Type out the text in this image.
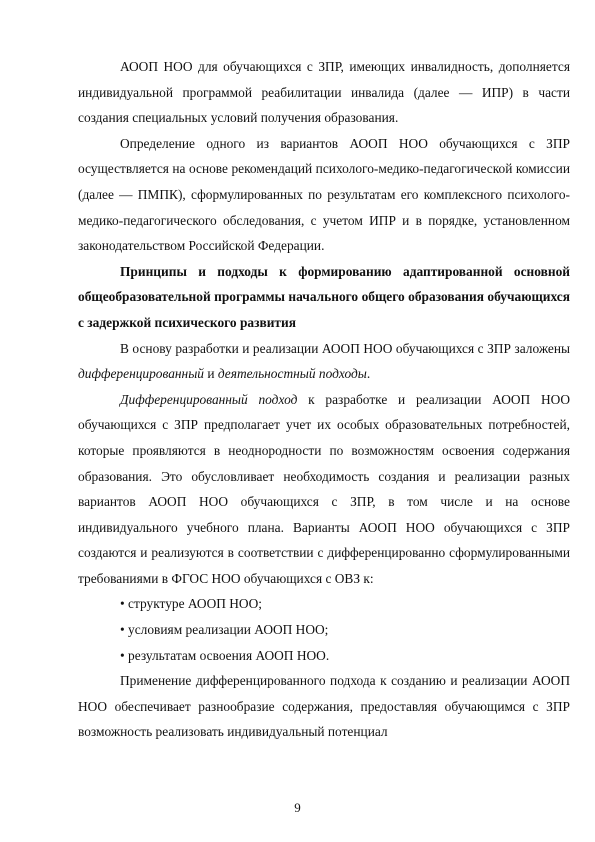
АООП НОО для обучающихся с ЗПР, имеющих инвалидность, дополняется индивидуальной программой реабилитации инвалида (далее — ИПР) в части создания специальных условий получения образования.

Определение одного из вариантов АООП НОО обучающихся с ЗПР осуществляется на основе рекомендаций психолого-медико-педагогической комиссии (далее — ПМПК), сформулированных по результатам его комплексного психолого-медико-педагогического обследования, с учетом ИПР и в порядке, установленном законодательством Российской Федерации.

Принципы и подходы к формированию адаптированной основной общеобразовательной программы начального общего образования обучающихся с задержкой психического развития

В основу разработки и реализации АООП НОО обучающихся с ЗПР заложены дифференцированный и деятельностный подходы.

Дифференцированный подход к разработке и реализации АООП НОО обучающихся с ЗПР предполагает учет их особых образовательных потребностей, которые проявляются в неоднородности по возможностям освоения содержания образования. Это обусловливает необходимость создания и реализации разных вариантов АООП НОО обучающихся с ЗПР, в том числе и на основе индивидуального учебного плана. Варианты АООП НОО обучающихся с ЗПР создаются и реализуются в соответствии с дифференцированно сформулированными требованиями в ФГОС НОО обучающихся с ОВЗ к:

• структуре АООП НОО;

• условиям реализации АООП НОО;

• результатам освоения АООП НОО.

Применение дифференцированного подхода к созданию и реализации АООП НОО обеспечивает разнообразие содержания, предоставляя обучающимся с ЗПР возможность реализовать индивидуальный потенциал

9
